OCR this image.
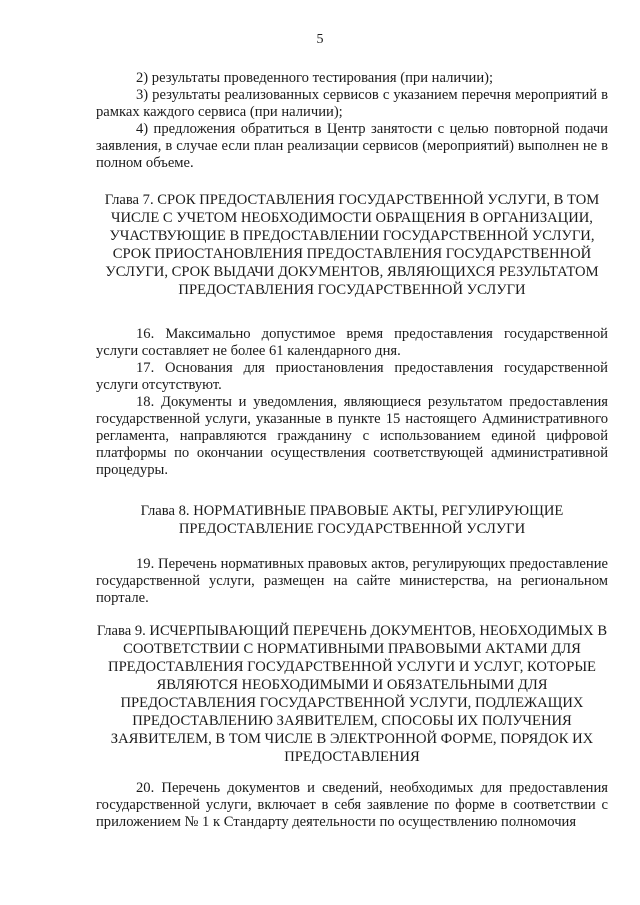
5

2) результаты проведенного тестирования (при наличии);

3) результаты реализованных сервисов с указанием перечня мероприятий в рамках каждого сервиса (при наличии);

4) предложения обратиться в Центр занятости с целью повторной подачи заявления, в случае если план реализации сервисов (мероприятий) выполнен не в полном объеме.

Глава 7. СРОК ПРЕДОСТАВЛЕНИЯ ГОСУДАРСТВЕННОЙ УСЛУГИ, В ТОМ ЧИСЛЕ С УЧЕТОМ НЕОБХОДИМОСТИ ОБРАЩЕНИЯ В ОРГАНИЗАЦИИ, УЧАСТВУЮЩИЕ В ПРЕДОСТАВЛЕНИИ ГОСУДАРСТВЕННОЙ УСЛУГИ, СРОК ПРИОСТАНОВЛЕНИЯ ПРЕДОСТАВЛЕНИЯ ГОСУДАРСТВЕННОЙ УСЛУГИ, СРОК ВЫДАЧИ ДОКУМЕНТОВ, ЯВЛЯЮЩИХСЯ РЕЗУЛЬТАТОМ ПРЕДОСТАВЛЕНИЯ ГОСУДАРСТВЕННОЙ УСЛУГИ

16. Максимально допустимое время предоставления государственной услуги составляет не более 61 календарного дня.

17. Основания для приостановления предоставления государственной услуги отсутствуют.

18. Документы и уведомления, являющиеся результатом предоставления государственной услуги, указанные в пункте 15 настоящего Административного регламента, направляются гражданину с использованием единой цифровой платформы по окончании осуществления соответствующей административной процедуры.

Глава 8. НОРМАТИВНЫЕ ПРАВОВЫЕ АКТЫ, РЕГУЛИРУЮЩИЕ ПРЕДОСТАВЛЕНИЕ ГОСУДАРСТВЕННОЙ УСЛУГИ

19. Перечень нормативных правовых актов, регулирующих предоставление государственной услуги, размещен на сайте министерства, на региональном портале.

Глава 9. ИСЧЕРПЫВАЮЩИЙ ПЕРЕЧЕНЬ ДОКУМЕНТОВ, НЕОБХОДИМЫХ В СООТВЕТСТВИИ С НОРМАТИВНЫМИ ПРАВОВЫМИ АКТАМИ ДЛЯ ПРЕДОСТАВЛЕНИЯ ГОСУДАРСТВЕННОЙ УСЛУГИ И УСЛУГ, КОТОРЫЕ ЯВЛЯЮТСЯ НЕОБХОДИМЫМИ И ОБЯЗАТЕЛЬНЫМИ ДЛЯ ПРЕДОСТАВЛЕНИЯ ГОСУДАРСТВЕННОЙ УСЛУГИ, ПОДЛЕЖАЩИХ ПРЕДОСТАВЛЕНИЮ ЗАЯВИТЕЛЕМ, СПОСОБЫ ИХ ПОЛУЧЕНИЯ ЗАЯВИТЕЛЕМ, В ТОМ ЧИСЛЕ В ЭЛЕКТРОННОЙ ФОРМЕ, ПОРЯДОК ИХ ПРЕДОСТАВЛЕНИЯ

20. Перечень документов и сведений, необходимых для предоставления государственной услуги, включает в себя заявление по форме в соответствии с приложением № 1 к Стандарту деятельности по осуществлению полномочия
